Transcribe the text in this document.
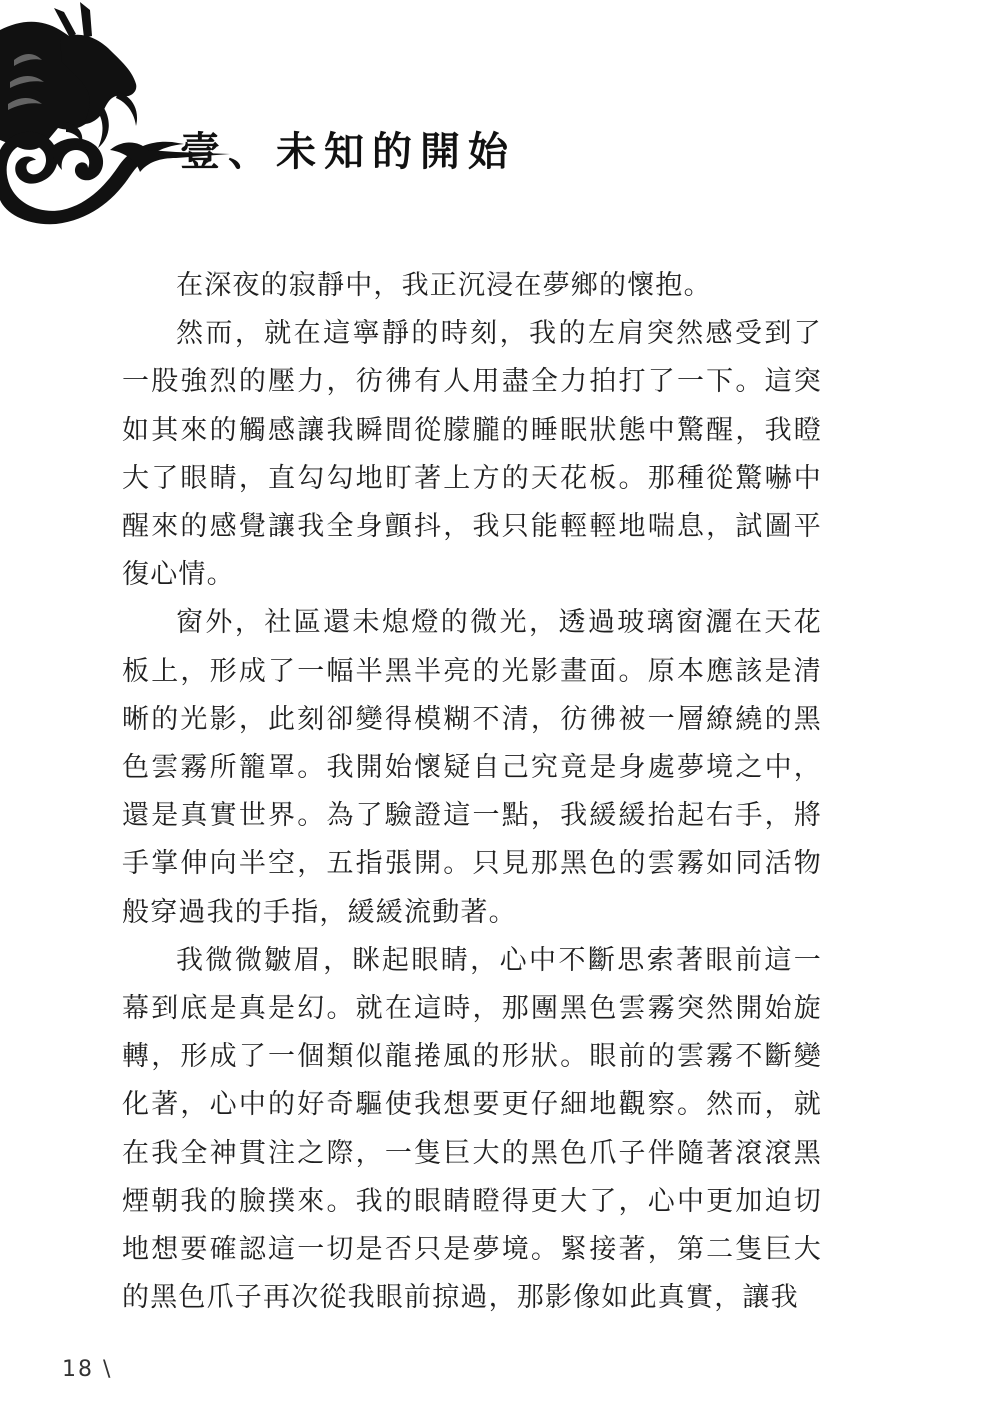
壹、未知的開始

在深夜的寂靜中，我正沉浸在夢鄉的懷抱。

然而，就在這寧靜的時刻，我的左肩突然感受到了一股強烈的壓力，彷彿有人用盡全力拍打了一下。這突如其來的觸感讓我瞬間從朦朧的睡眠狀態中驚醒，我瞪大了眼睛，直勾勾地盯著上方的天花板。那種從驚嚇中醒來的感覺讓我全身顫抖，我只能輕輕地喘息，試圖平復心情。

窗外，社區還未熄燈的微光，透過玻璃窗灑在天花板上，形成了一幅半黑半亮的光影畫面。原本應該是清晰的光影，此刻卻變得模糊不清，彷彿被一層繚繞的黑色雲霧所籠罩。我開始懷疑自己究竟是身處夢境之中，還是真實世界。為了驗證這一點，我緩緩抬起右手，將手掌伸向半空，五指張開。只見那黑色的雲霧如同活物般穿過我的手指，緩緩流動著。

我微微皺眉，眯起眼睛，心中不斷思索著眼前這一幕到底是真是幻。就在這時，那團黑色雲霧突然開始旋轉，形成了一個類似龍捲風的形狀。眼前的雲霧不斷變化著，心中的好奇驅使我想要更仔細地觀察。然而，就在我全神貫注之際，一隻巨大的黑色爪子伴隨著滾滾黑煙朝我的臉撲來。我的眼睛瞪得更大了，心中更加迫切地想要確認這一切是否只是夢境。緊接著，第二隻巨大的黑色爪子再次從我眼前掠過，那影像如此真實，讓我

18 \
